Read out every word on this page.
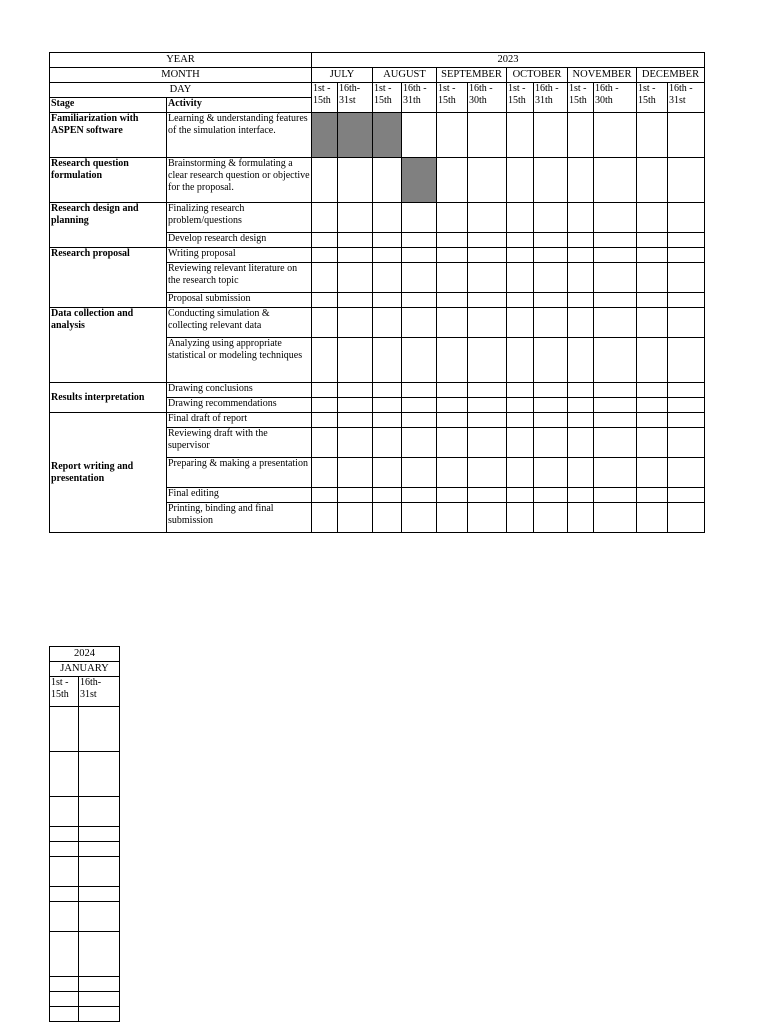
YEAR		2023											
MONTH		JULY		AUGUST		SEPTEMBER		OCTOBER		NOVEMBER		DECEMBER	
DAY		1st - 15th	16th- 31st	1st - 15th	16th - 31th	1st - 15th	16th - 30th	1st - 15th	16th - 31th	1st - 15th	16th - 30th	1st - 15th	16th - 31st
Stage	Activity												
Familiarization with ASPEN software	Learning & understanding features of the simulation interface.												
Research question formulation	Brainstorming & formulating a clear research question or objective for the proposal.												
Research design and planning	Finalizing research problem/questions												
	Develop research design												
Research proposal	Writing proposal												
	Reviewing relevant literature on the research topic												
	Proposal submission												
Data collection and analysis	Conducting simulation & collecting relevant data												
	Analyzing using appropriate statistical or modeling techniques												
Results interpretation	Drawing conclusions												
	Drawing recommendations												
Report writing and presentation	Final draft of report												
	Reviewing draft with the supervisor												
	Preparing & making a presentation												
	Final editing												
	Printing, binding and final submission												
2024	
JANUARY	
1st - 15th	16th- 31st
